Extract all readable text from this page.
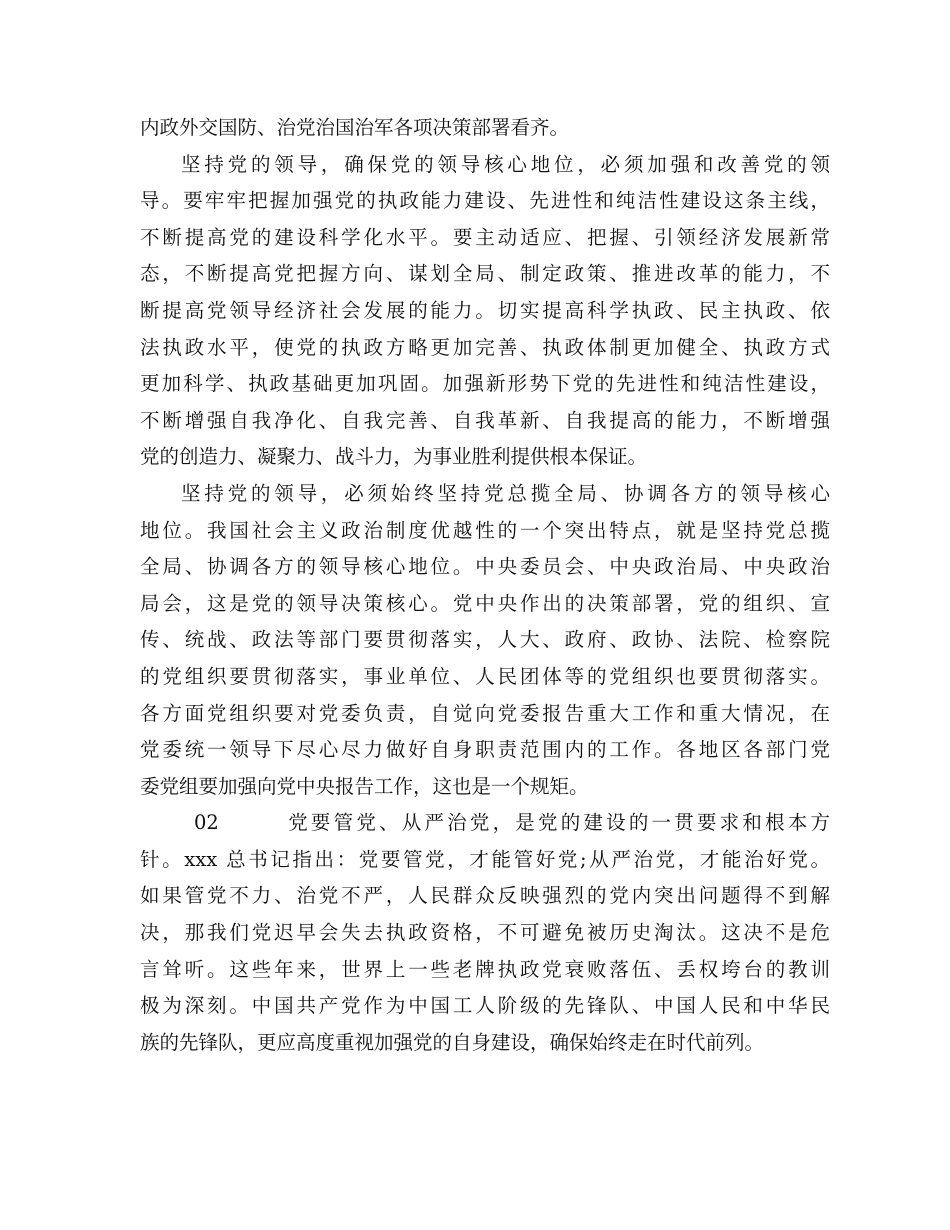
内政外交国防、治党治国治军各项决策部署看齐。
坚持党的领导，确保党的领导核心地位，必须加强和改善党的领
导。要牢牢把握加强党的执政能力建设、先进性和纯洁性建设这条主线，
不断提高党的建设科学化水平。要主动适应、把握、引领经济发展新常
态，不断提高党把握方向、谋划全局、制定政策、推进改革的能力，不
断提高党领导经济社会发展的能力。切实提高科学执政、民主执政、依
法执政水平，使党的执政方略更加完善、执政体制更加健全、执政方式
更加科学、执政基础更加巩固。加强新形势下党的先进性和纯洁性建设，
不断增强自我净化、自我完善、自我革新、自我提高的能力，不断增强
党的创造力、凝聚力、战斗力，为事业胜利提供根本保证。
坚持党的领导，必须始终坚持党总揽全局、协调各方的领导核心
地位。我国社会主义政治制度优越性的一个突出特点，就是坚持党总揽
全局、协调各方的领导核心地位。中央委员会、中央政治局、中央政治
局会，这是党的领导决策核心。党中央作出的决策部署，党的组织、宣
传、统战、政法等部门要贯彻落实，人大、政府、政协、法院、检察院
的党组织要贯彻落实，事业单位、人民团体等的党组织也要贯彻落实。
各方面党组织要对党委负责，自觉向党委报告重大工作和重大情况，在
党委统一领导下尽心尽力做好自身职责范围内的工作。各地区各部门党
委党组要加强向党中央报告工作，这也是一个规矩。
02	党要管党、从严治党，是党的建设的一贯要求和根本方
针。xxx 总书记指出：党要管党，才能管好党;从严治党，才能治好党。
如果管党不力、治党不严，人民群众反映强烈的党内突出问题得不到解
决，那我们党迟早会失去执政资格，不可避免被历史淘汰。这决不是危
言耸听。这些年来，世界上一些老牌执政党衰败落伍、丢权垮台的教训
极为深刻。中国共产党作为中国工人阶级的先锋队、中国人民和中华民
族的先锋队，更应高度重视加强党的自身建设，确保始终走在时代前列。
